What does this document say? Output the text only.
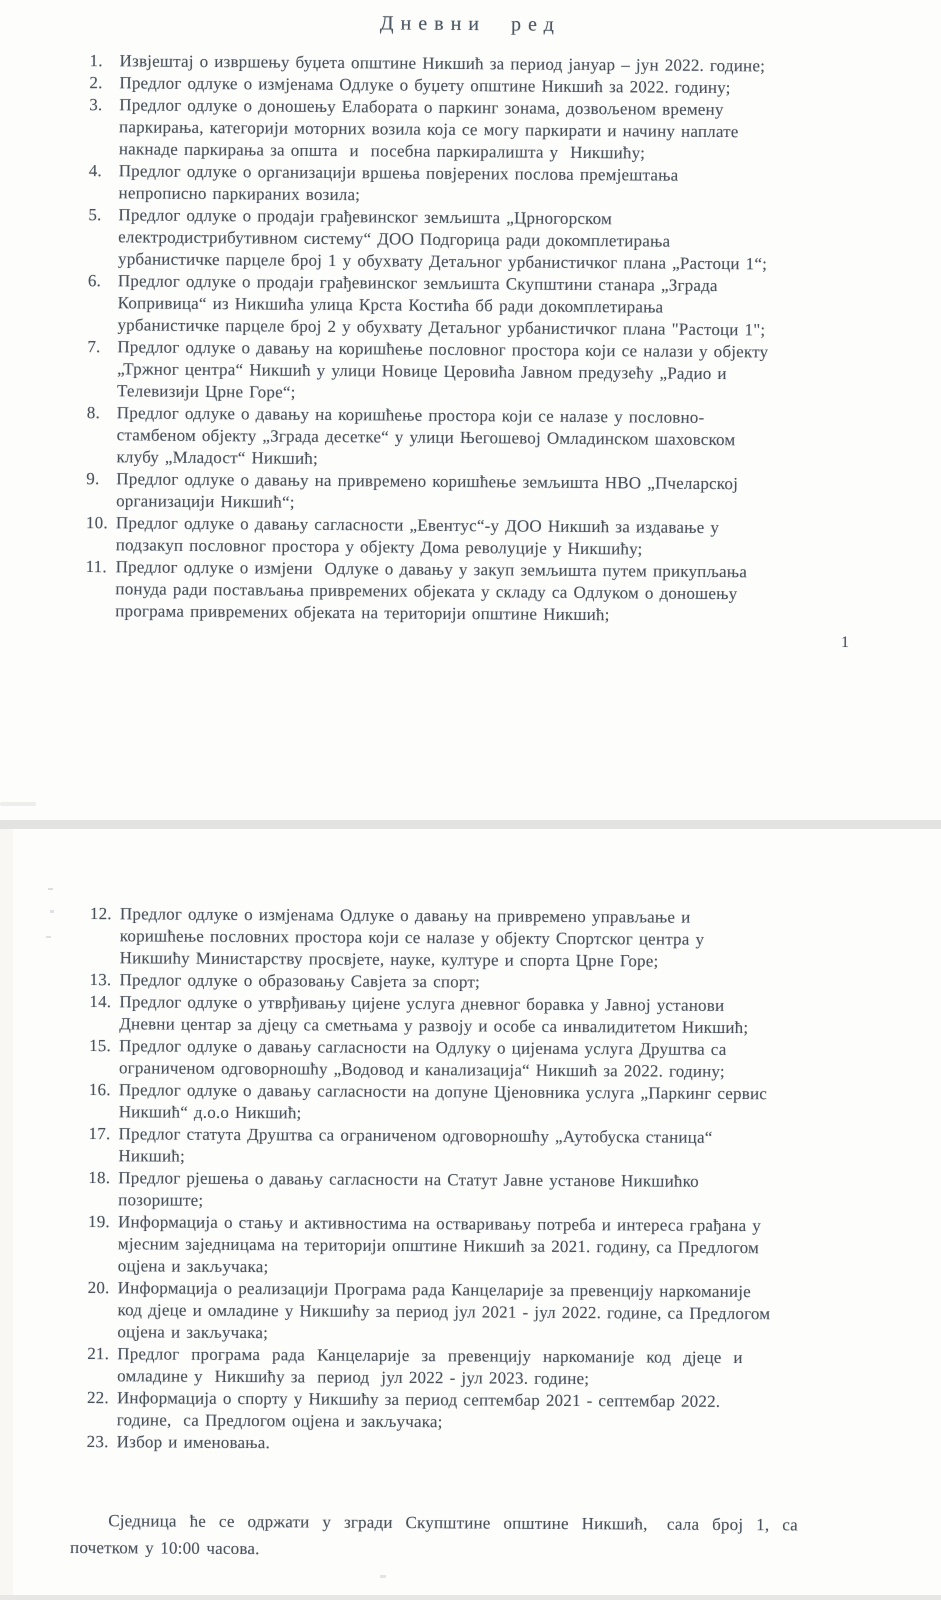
Дневни ред
1. Извјештај о извршењу буџета општине Никшић за период јануар – јун 2022. године;
2. Предлог одлуке о измјенама Одлуке о буџету општине Никшић за 2022. годину;
3. Предлог одлуке о доношењу Елабората о паркинг зонама, дозвољеном времену
паркирања, категорији моторних возила која се могу паркирати и начину наплате
накнаде паркирања за општа  и  посебна паркиралишта у  Никшићу;
4. Предлог одлуке о организацији вршења повјерених послова премјештања
непрописно паркираних возила;
5. Предлог одлуке о продаји грађевинског земљишта „Црногорском
електродистрибутивном систему“ ДОО Подгорица ради докомплетирања
урбанистичке парцеле број 1 у обухвату Детаљног урбанистичког плана „Растоци 1“;
6. Предлог одлуке о продаји грађевинског земљишта Скупштини станара „Зграда
Копривица“ из Никшића улица Крста Костића бб ради докомплетирања
урбанистичке парцеле број 2 у обухвату Детаљног урбанистичког плана "Растоци 1";
7. Предлог одлуке о давању на коришћење пословног простора који се налази у објекту
„Тржног центра“ Никшић у улици Новице Церовића Јавном предузећу „Радио и
Телевизији Црне Горе“;
8. Предлог одлуке о давању на коришћење простора који се налазе у пословно-
стамбеном објекту „Зграда десетке“ у улици Његошевој Омладинском шаховском
клубу „Младост“ Никшић;
9. Предлог одлуке о давању на привремено коришћење земљишта НВО „Пчеларској
организацији Никшић“;
10. Предлог одлуке о давању сагласности „Евентус“-у ДОО Никшић за издавање у
подзакуп пословног простора у објекту Дома револуције у Никшићу;
11. Предлог одлуке о измјени  Одлуке о давању у закуп земљишта путем прикупљања
понуда ради постављања привремених објеката у складу са Одлуком о доношењу
програма привремених објеката на територији општине Никшић;
1
12. Предлог одлуке о измјенама Одлуке о давању на привремено управљање и
коришћење пословних простора који се налазе у објекту Спортског центра у
Никшићу Министарству просвјете, науке, културе и спорта Црне Горе;
13. Предлог одлуке о образовању Савјета за спорт;
14. Предлог одлуке о утврђивању цијене услуга дневног боравка у Јавној установи
Дневни центар за дјецу са сметњама у развоју и особе са инвалидитетом Никшић;
15. Предлог одлуке о давању сагласности на Одлуку о цијенама услуга Друштва са
ограниченом одговорношћу „Водовод и канализација“ Никшић за 2022. годину;
16. Предлог одлуке о давању сагласности на допуне Цјеновника услуга „Паркинг сервис
Никшић“ д.о.о Никшић;
17. Предлог статута Друштва са ограниченом одговорношћу „Аутобуска станица“
Никшић;
18. Предлог рјешења о давању сагласности на Статут Јавне установе Никшићко
позориште;
19. Информација о стању и активностима на остваривању потреба и интереса грађана у
мјесним заједницама на територији општине Никшић за 2021. годину, са Предлогом
оцјена и закључака;
20. Информација о реализацији Програма рада Канцеларије за превенцију наркоманије
код дјеце и омладине у Никшићу за период јул 2021 - јул 2022. године, са Предлогом
оцјена и закључака;
21. Предлог  програма  рада  Канцеларије  за  превенцију  наркоманије  код  дјеце  и
омладине у  Никшићу за  период  јул 2022 - јул 2023. године;
22. Информација о спорту у Никшићу за период септембар 2021 - септембар 2022.
године,  са Предлогом оцјена и закључака;
23. Избор и именовања.

Сједница  ће  се  одржати  у  згради  Скупштине  општине  Никшић,   сала  број  1,  са
почетком у 10:00 часова.
